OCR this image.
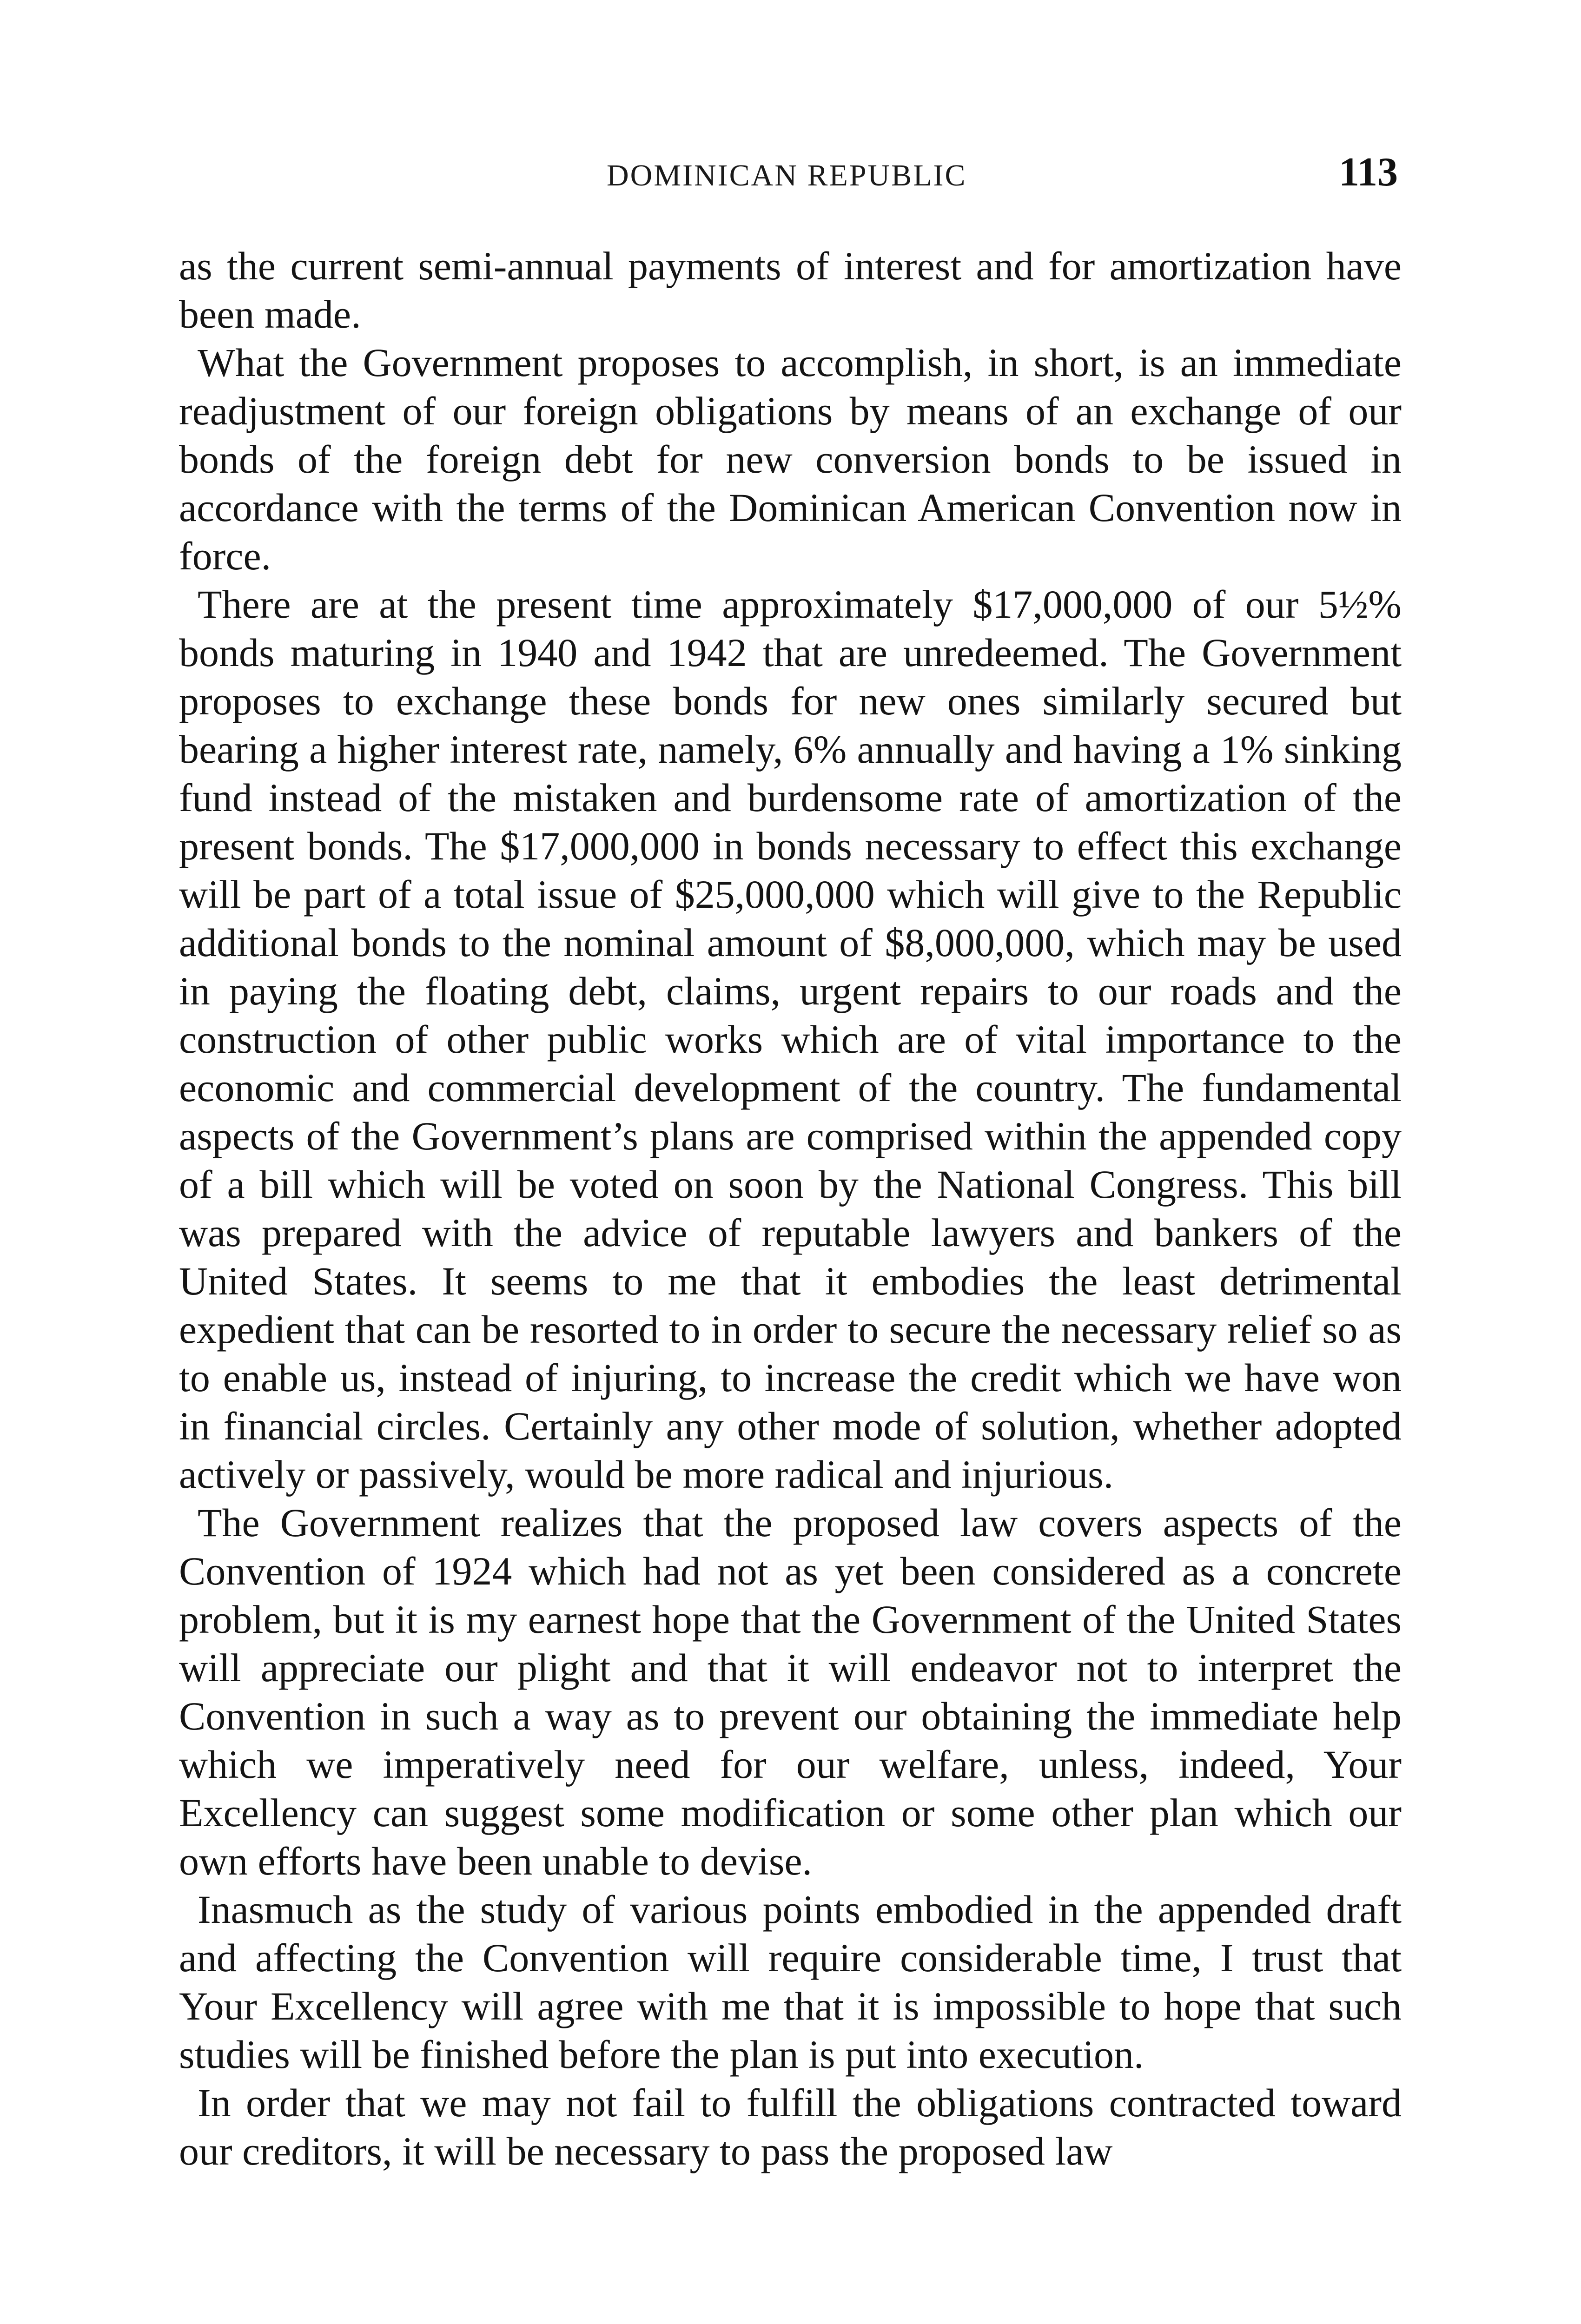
DOMINICAN REPUBLIC	113

as the current semi-annual payments of interest and for amortization have been made.

What the Government proposes to accomplish, in short, is an immediate readjustment of our foreign obligations by means of an exchange of our bonds of the foreign debt for new conversion bonds to be issued in accordance with the terms of the Dominican American Convention now in force.

There are at the present time approximately $17,000,000 of our 5½% bonds maturing in 1940 and 1942 that are unredeemed. The Government proposes to exchange these bonds for new ones similarly secured but bearing a higher interest rate, namely, 6% annually and having a 1% sinking fund instead of the mistaken and burdensome rate of amortization of the present bonds. The $17,000,000 in bonds necessary to effect this exchange will be part of a total issue of $25,000,000 which will give to the Republic additional bonds to the nominal amount of $8,000,000, which may be used in paying the floating debt, claims, urgent repairs to our roads and the construction of other public works which are of vital importance to the economic and commercial development of the country. The fundamental aspects of the Government’s plans are comprised within the appended copy of a bill which will be voted on soon by the National Congress. This bill was prepared with the advice of reputable lawyers and bankers of the United States. It seems to me that it embodies the least detrimental expedient that can be resorted to in order to secure the necessary relief so as to enable us, instead of injuring, to increase the credit which we have won in financial circles. Certainly any other mode of solution, whether adopted actively or passively, would be more radical and injurious.

The Government realizes that the proposed law covers aspects of the Convention of 1924 which had not as yet been considered as a concrete problem, but it is my earnest hope that the Government of the United States will appreciate our plight and that it will endeavor not to interpret the Convention in such a way as to prevent our obtaining the immediate help which we imperatively need for our welfare, unless, indeed, Your Excellency can suggest some modification or some other plan which our own efforts have been unable to devise.

Inasmuch as the study of various points embodied in the appended draft and affecting the Convention will require considerable time, I trust that Your Excellency will agree with me that it is impossible to hope that such studies will be finished before the plan is put into execution.

In order that we may not fail to fulfill the obligations contracted toward our creditors, it will be necessary to pass the proposed law
